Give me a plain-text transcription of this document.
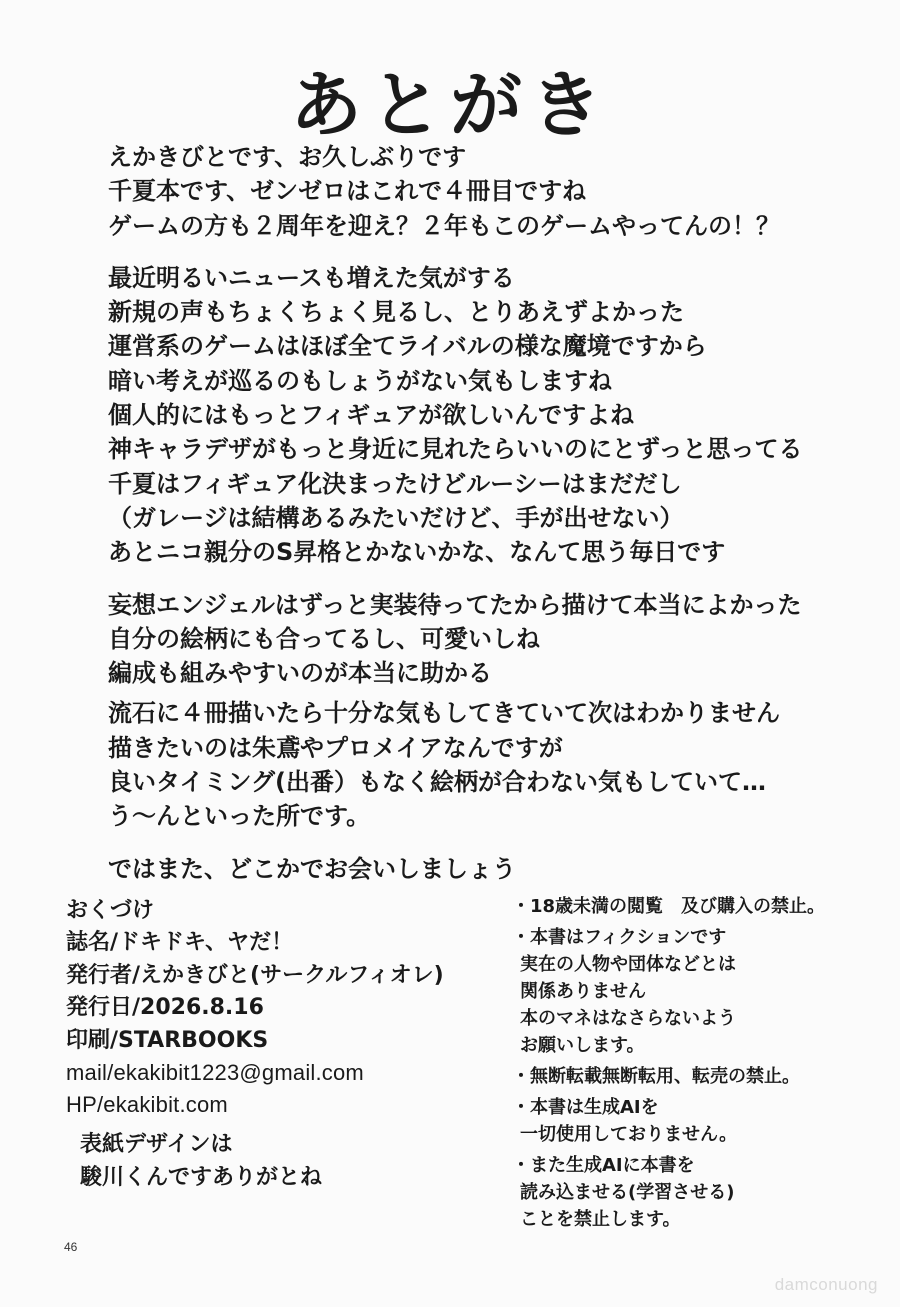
あとがき
えかきびとです、お久しぶりです
千夏本です、ゼンゼロはこれで４冊目ですね
ゲームの方も２周年を迎え？２年もこのゲームやってんの！？
最近明るいニュースも増えた気がする
新規の声もちょくちょく見るし、とりあえずよかった
運営系のゲームはほぼ全てライバルの様な魔境ですから
暗い考えが巡るのもしょうがない気もしますね
個人的にはもっとフィギュアが欲しいんですよね
神キャラデザがもっと身近に見れたらいいのにとずっと思ってる
千夏はフィギュア化決まったけどルーシーはまだだし
（ガレージは結構あるみたいだけど、手が出せない）
あとニコ親分のS昇格とかないかな、なんて思う毎日です
妄想エンジェルはずっと実装待ってたから描けて本当によかった
自分の絵柄にも合ってるし、可愛いしね
編成も組みやすいのが本当に助かる
流石に４冊描いたら十分な気もしてきていて次はわかりません
描きたいのは朱鳶やプロメイアなんですが
良いタイミング(出番）もなく絵柄が合わない気もしていて…
う～んといった所です。
ではまた、どこかでお会いしましょう
おくづけ
誌名/ドキドキ、ヤだ！
発行者/えかきびと(サークルフィオレ)
発行日/2026.8.16
印刷/STARBOOKS
mail/ekakibit1223@gmail.com
HP/ekakibit.com
表紙デザインは
駿川くんですありがとね
・18歳未満の閲覧　及び購入の禁止。
・本書はフィクションです
実在の人物や団体などとは
関係ありません
本のマネはなさらないよう
お願いします。
・無断転載無断転用、転売の禁止。
・本書は生成AIを
一切使用しておりません。
・また生成AIに本書を
読み込ませる(学習させる)
ことを禁止します。
46
damconuong
